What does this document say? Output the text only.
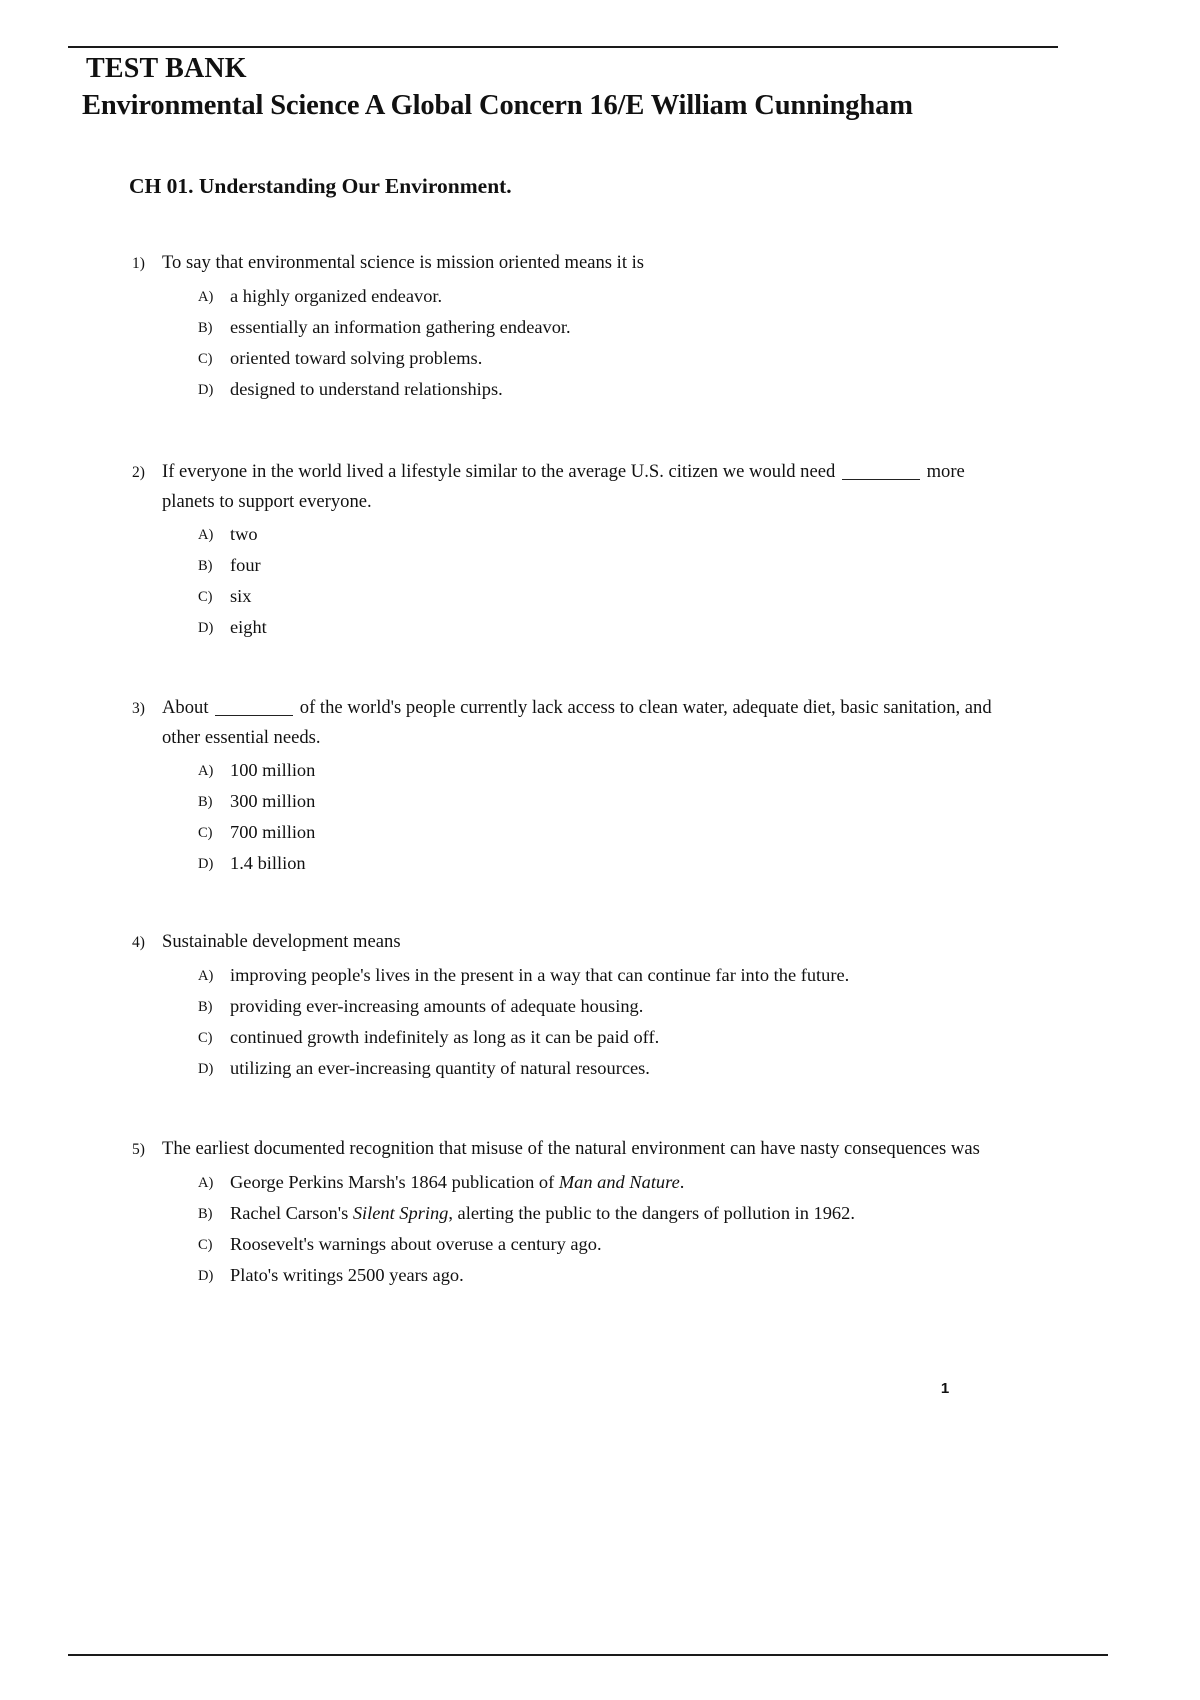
TEST BANK
Environmental Science A Global Concern 16/E William Cunningham
CH 01. Understanding Our Environment.
1) To say that environmental science is mission oriented means it is
A) a highly organized endeavor.
B) essentially an information gathering endeavor.
C) oriented toward solving problems.
D) designed to understand relationships.
2) If everyone in the world lived a lifestyle similar to the average U.S. citizen we would need	more planets to support everyone.
A) two
B) four
C) six
D) eight
3) About	of the world's people currently lack access to clean water, adequate diet, basic sanitation, and other essential needs.
A) 100 million
B) 300 million
C) 700 million
D) 1.4 billion
4) Sustainable development means
A) improving people's lives in the present in a way that can continue far into the future.
B) providing ever-increasing amounts of adequate housing.
C) continued growth indefinitely as long as it can be paid off.
D) utilizing an ever-increasing quantity of natural resources.
5) The earliest documented recognition that misuse of the natural environment can have nasty consequences was
A) George Perkins Marsh's 1864 publication of Man and Nature.
B) Rachel Carson's Silent Spring, alerting the public to the dangers of pollution in 1962.
C) Roosevelt's warnings about overuse a century ago.
D) Plato's writings 2500 years ago.
1
